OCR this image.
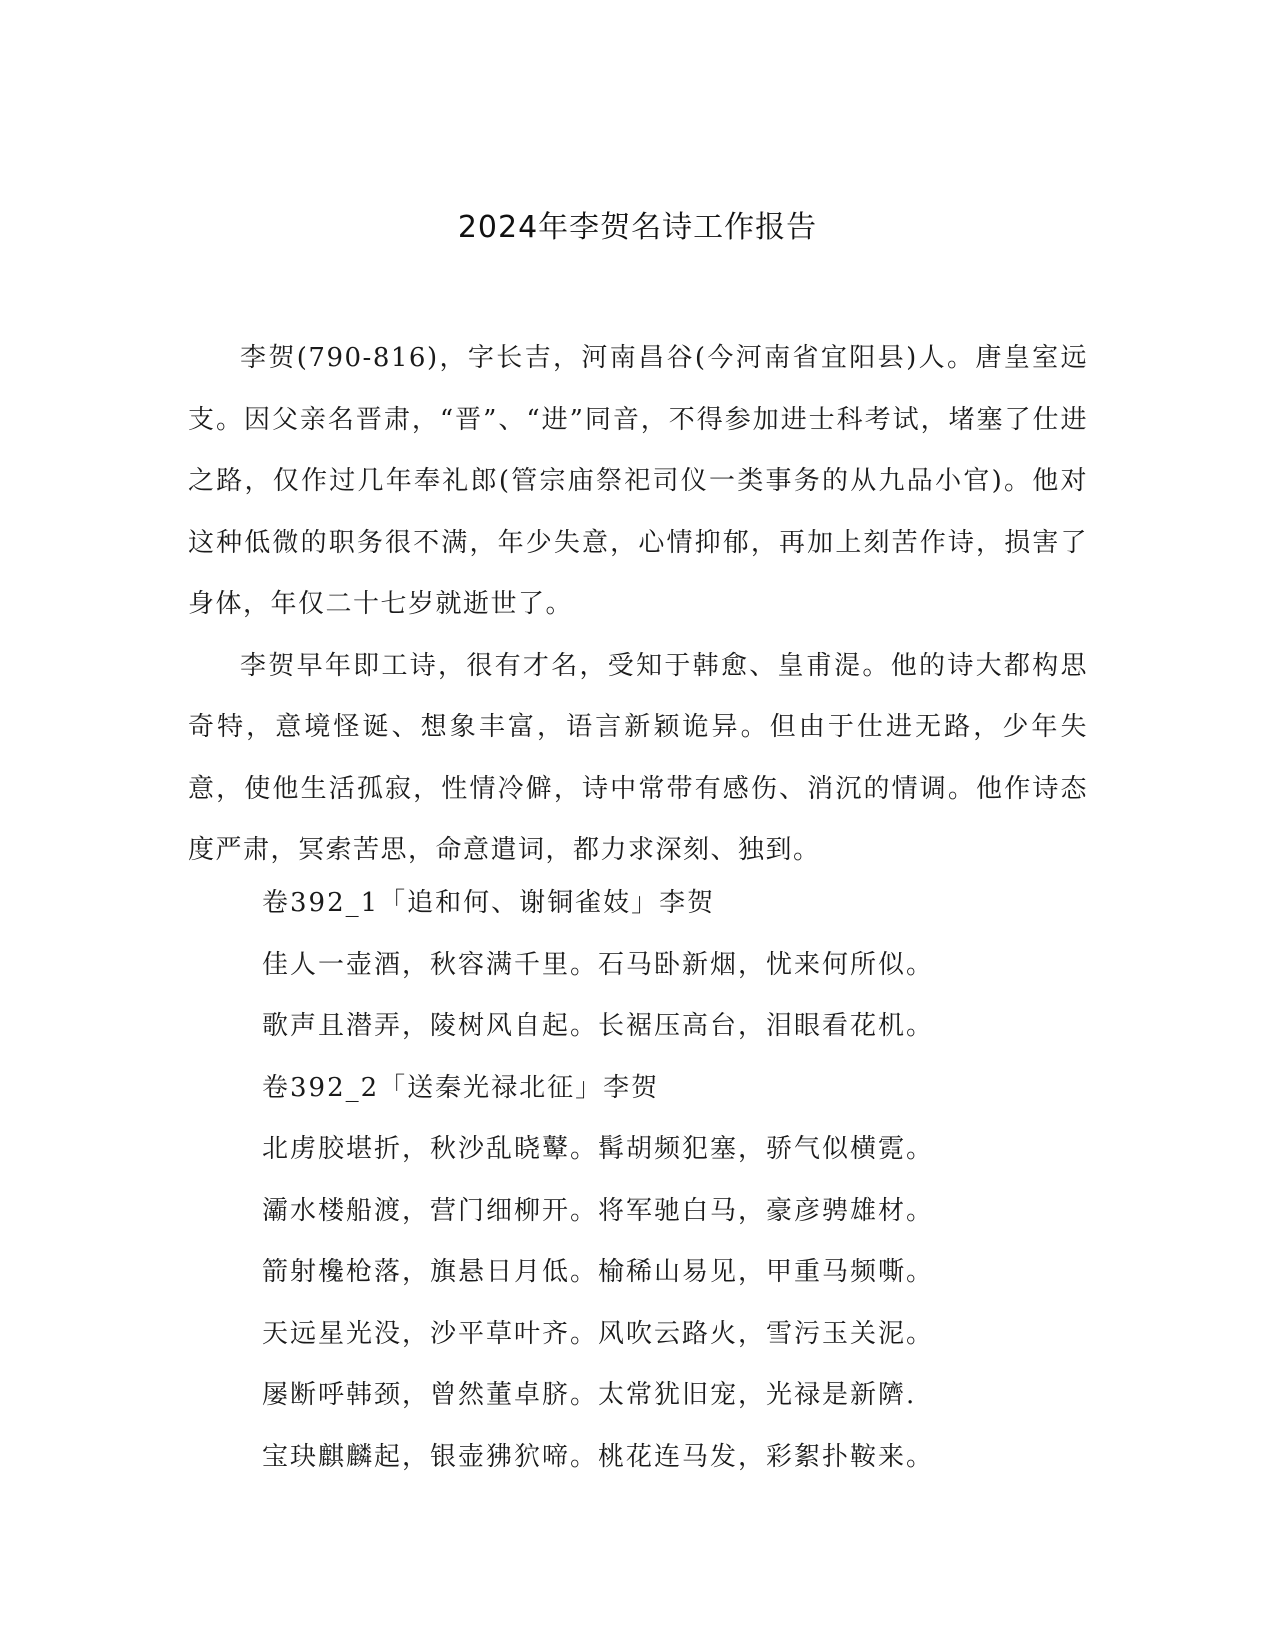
2024年李贺名诗工作报告

李贺(790-816)，字长吉，河南昌谷(今河南省宜阳县)人。唐皇室远支。因父亲名晋肃，“晋”、“进”同音，不得参加进士科考试，堵塞了仕进之路，仅作过几年奉礼郎(管宗庙祭祀司仪一类事务的从九品小官)。他对这种低微的职务很不满，年少失意，心情抑郁，再加上刻苦作诗，损害了身体，年仅二十七岁就逝世了。

李贺早年即工诗，很有才名，受知于韩愈、皇甫湜。他的诗大都构思奇特，意境怪诞、想象丰富，语言新颖诡异。但由于仕进无路，少年失意，使他生活孤寂，性情冷僻，诗中常带有感伤、消沉的情调。他作诗态度严肃，冥索苦思，命意遣词，都力求深刻、独到。

卷392_1「追和何、谢铜雀妓」李贺
佳人一壶酒，秋容满千里。石马卧新烟，忧来何所似。
歌声且潜弄，陵树风自起。长裾压高台，泪眼看花机。
卷392_2「送秦光禄北征」李贺
北虏胶堪折，秋沙乱晓鼙。髯胡频犯塞，骄气似横霓。
灞水楼船渡，营门细柳开。将军驰白马，豪彦骋雄材。
箭射欃枪落，旗悬日月低。榆稀山易见，甲重马频嘶。
天远星光没，沙平草叶齐。风吹云路火，雪污玉关泥。
屡断呼韩颈，曾然董卓脐。太常犹旧宠，光禄是新隮.
宝玦麒麟起，银壶狒狖啼。桃花连马发，彩絮扑鞍来。
